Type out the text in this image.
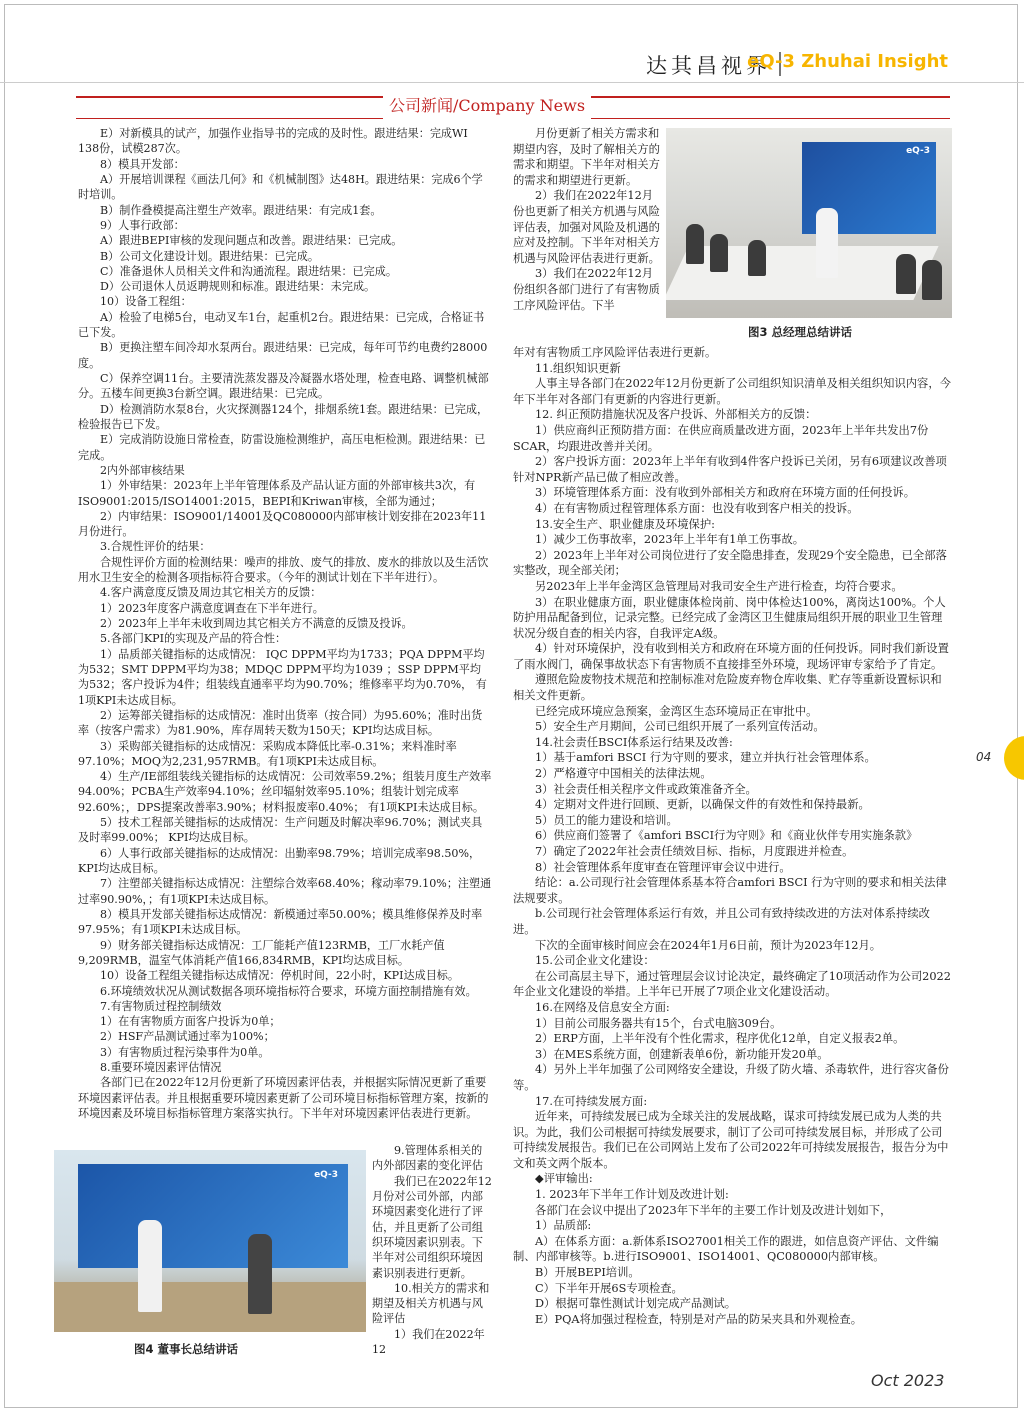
达其昌视界
eQ-3 Zhuhai Insight
公司新闻/Company News

E）对新模具的试产，加强作业指导书的完成的及时性。跟进结果：完成WI 138份，试模287次。

8）模具开发部：

A）开展培训课程《画法几何》和《机械制图》达48H。跟进结果：完成6个学时培训。

B）制作叠模提高注塑生产效率。跟进结果：有完成1套。

9）人事行政部：

A）跟进BEPI审核的发现问题点和改善。跟进结果：已完成。

B）公司文化建设计划。跟进结果：已完成。

C）准备退休人员相关文件和沟通流程。跟进结果：已完成。

D）公司退休人员返聘规则和标准。跟进结果：未完成。

10）设备工程组：

A）检验了电梯5台，电动叉车1台，起重机2台。跟进结果：已完成，合格证书已下发。

B）更换注塑车间冷却水泵两台。跟进结果：已完成，每年可节约电费约28000度。

C）保养空调11台。主要清洗蒸发器及冷凝器水塔处理，检查电路、调整机械部分。五楼车间更换3台新空调。跟进结果：已完成。

D）检测消防水泵8台，火灾探测器124个，排烟系统1套。跟进结果：已完成，检验报告已下发。

E）完成消防设施日常检查，防雷设施检测维护，高压电柜检测。跟进结果：已完成。

2内外部审核结果

1）外审结果：2023年上半年管理体系及产品认证方面的外部审核共3次，有ISO9001:2015/ISO14001:2015，BEPI和Kriwan审核，全部为通过；

2）内审结果：ISO9001/14001及QC080000内部审核计划安排在2023年11月份进行。

3.合规性评价的结果：

合规性评价方面的检测结果：噪声的排放、废气的排放、废水的排放以及生活饮用水卫生安全的检测各项指标符合要求。（今年的测试计划在下半年进行）。

4.客户满意度反馈及周边其它相关方的反馈：

1）2023年度客户满意度调查在下半年进行。

2）2023年上半年未收到周边其它相关方不满意的反馈及投诉。

5.各部门KPI的实现及产品的符合性：

1）品质部关键指标的达成情况： IQC DPPM平均为1733；PQA DPPM平均为532；SMT DPPM平均为38；MDQC DPPM平均为1039 ；SSP DPPM平均为532；客户投诉为4件；组装线直通率平均为90.70%；维修率平均为0.70%， 有1项KPI未达成目标。

2）运筹部关键指标的达成情况：准时出货率（按合同）为95.60%；准时出货率（按客户需求）为81.90%，库存周转天数为150天；KPI均达成目标。

3）采购部关键指标的达成情况：采购成本降低比率-0.31%；来料准时率97.10%；MOQ为2,231,957RMB。有1项KPI未达成目标。

4）生产/IE部组装线关键指标的达成情况：公司效率59.2%；组装月度生产效率94.00%；PCBA生产效率94.10%；丝印辐射效率95.10%；组装计划完成率92.60%；，DPS提案改善率3.90%；材料报废率0.40%； 有1项KPI未达成目标。

5）技术工程部关键指标的达成情况：生产问题及时解决率96.70%；测试夹具及时率99.00%； KPI均达成目标。

6）人事行政部关键指标的达成情况：出勤率98.79%；培训完成率98.50%，KPI均达成目标。

7）注塑部关键指标达成情况：注塑综合效率68.40%；稼动率79.10%；注塑通过率90.90%，；有1项KPI未达成目标。

8）模具开发部关键指标达成情况：新模通过率50.00%；模具维修保养及时率97.95%；有1项KPI未达成目标。

9）财务部关键指标达成情况：工厂能耗产值123RMB，工厂水耗产值9,209RMB，温室气体消耗产值166,834RMB，KPI均达成目标。

10）设备工程组关键指标达成情况：停机时间，22小时，KPI达成目标。

6.环境绩效状况从测试数据各项环境指标符合要求，环境方面控制措施有效。

7.有害物质过程控制绩效

1）在有害物质方面客户投诉为0单；

2）HSF产品测试通过率为100%；

3）有害物质过程污染事件为0单。

8.重要环境因素评估情况

各部门已在2022年12月份更新了环境因素评估表，并根据实际情况更新了重要环境因素评估表。并且根据重要环境因素更新了公司环境目标指标管理方案，按新的环境因素及环境目标指标管理方案落实执行。下半年对环境因素评估表进行更新。

月份更新了相关方需求和期望内容，及时了解相关方的需求和期望。下半年对相关方的需求和期望进行更新。

2）我们在2022年12月份也更新了相关方机遇与风险评估表，加强对风险及机遇的应对及控制。下半年对相关方机遇与风险评估表进行更新。

3）我们在2022年12月份组织各部门进行了有害物质工序风险评估。下半

年对有害物质工序风险评估表进行更新。

11.组织知识更新

人事主导各部门在2022年12月份更新了公司组织知识清单及相关组织知识内容，今年下半年对各部门有更新的内容进行更新。

12. 纠正预防措施状况及客户投诉、外部相关方的反馈：

1）供应商纠正预防措方面：在供应商质量改进方面，2023年上半年共发出7份SCAR，均跟进改善并关闭。

2）客户投诉方面：2023年上半年有收到4件客户投诉已关闭，另有6项建议改善项针对NPR新产品已做了相应改善。

3）环境管理体系方面：没有收到外部相关方和政府在环境方面的任何投诉。

4）在有害物质过程管理体系方面：也没有收到客户相关的投诉。

13.安全生产、职业健康及环境保护:

1）减少工伤事故率，2023年上半年有1单工伤事故。

2）2023年上半年对公司岗位进行了安全隐患排查，发现29个安全隐患，已全部落实整改，现全部关闭；

另2023年上半年金湾区急管理局对我司安全生产进行检查，均符合要求。

3）在职业健康方面，职业健康体检岗前、岗中体检达100%，离岗达100%。个人防护用品配备到位，记录完整。已经完成了金湾区卫生健康局组织开展的职业卫生管理状况分级自查的相关内容，自我评定A级。

4）针对环境保护，没有收到相关方和政府在环境方面的任何投诉。同时我们新设置了雨水阀门，确保事故状态下有害物质不直接排至外环境，现场评审专家给予了肯定。

遵照危险废物技术规范和控制标准对危险废弃物仓库收集、贮存等重新设置标识和相关文件更新。

已经完成环境应急预案，金湾区生态环境局正在审批中。

5）安全生产月期间，公司已组织开展了一系列宣传活动。

14.社会责任BSCI体系运行结果及改善:

1）基于amfori BSCI 行为守则的要求，建立并执行社会管理体系。

2）严格遵守中国相关的法律法规。

3）社会责任相关程序文件或政策准备齐全。

4）定期对文件进行回顾、更新，以确保文件的有效性和保持最新。

5）员工的能力建设和培训。

6）供应商们签署了《amfori BSCI行为守则》和《商业伙伴专用实施条款》

7）确定了2022年社会责任绩效目标、指标，月度跟进并检查。

8）社会管理体系年度审查在管理评审会议中进行。

结论：a.公司现行社会管理体系基本符合amfori BSCI 行为守则的要求和相关法律法规要求。

b.公司现行社会管理体系运行有效，并且公司有致持续改进的方法对体系持续改进。

下次的全面审核时间应会在2024年1月6日前，预计为2023年12月。

15.公司企业文化建设：

在公司高层主导下，通过管理层会议讨论决定，最终确定了10项活动作为公司2022年企业文化建设的举措。上半年已开展了7项企业文化建设活动。

16.在网络及信息安全方面:

1）目前公司服务器共有15个，台式电脑309台。

2）ERP方面，上半年没有个性化需求，程序优化12单，自定义报表2单。

3）在MES系统方面，创建新表单6份，新功能开发20单。

4）另外上半年加强了公司网络安全建设，升级了防火墙、杀毒软件，进行容灾备份等。

17.在可持续发展方面:

近年来，可持续发展已成为全球关注的发展战略，谋求可持续发展已成为人类的共识。为此，我们公司根据可持续发展要求，制订了公司可持续发展目标，并形成了公司可持续发展报告。我们已在公司网站上发布了公司2022年可持续发展报告，报告分为中文和英文两个版本。

◆评审输出:

1. 2023年下半年工作计划及改进计划:

各部门在会议中提出了2023年下半年的主要工作计划及改进计划如下，

1）品质部:

A）在体系方面：a.新体系ISO27001相关工作的跟进，如信息资产评估、文件编制、内部审核等。b.进行ISO9001、ISO14001、QC080000内部审核。

B）开展BEPI培训。

C）下半年开展6S专项检查。

D）根据可靠性测试计划完成产品测试。

E）PQA将加强过程检查，特别是对产品的防呆夹具和外观检查。

9.管理体系相关的内外部因素的变化评估

我们已在2022年12月份对公司外部，内部环境因素变化进行了评估，并且更新了公司组织环境因素识别表。下半年对公司组织环境因素识别表进行更新。

10.相关方的需求和期望及相关方机遇与风险评估

1）我们在2022年12

eQ-3
图3 总经理总结讲话
eQ-3
图4 董事长总结讲话
04
Oct 2023
